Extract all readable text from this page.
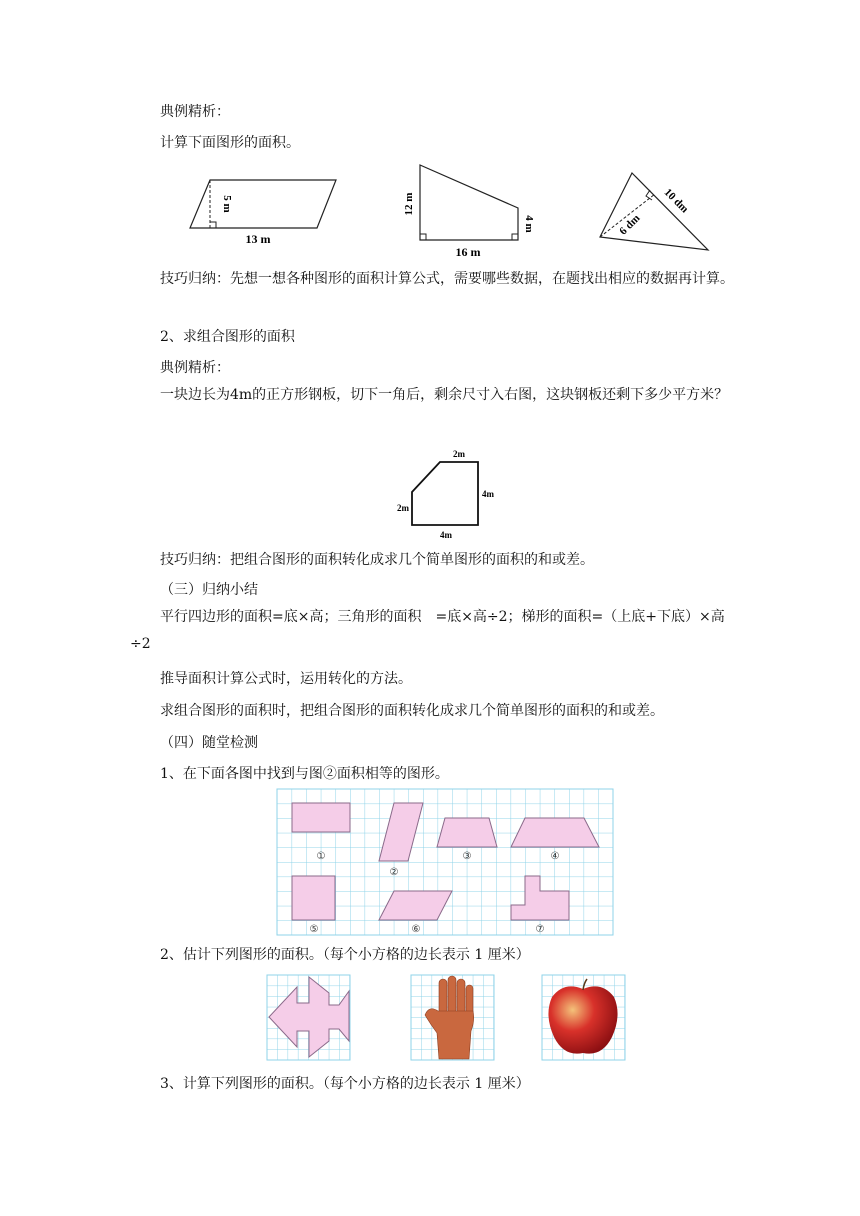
典例精析：
计算下面图形的面积。
5 m
13 m
12 m
4 m
16 m
10 dm
6 dm
技巧归纳：先想一想各种图形的面积计算公式，需要哪些数据，在题找出相应的数据再计算。
2、求组合图形的面积
典例精析：
一块边长为4m的正方形钢板，切下一角后，剩余尺寸入右图，这块钢板还剩下多少平方米？
2m
2m
4m
4m
技巧归纳：把组合图形的面积转化成求几个简单图形的面积的和或差。
（三）归纳小结
平行四边形的面积=底×高；三角形的面积　=底×高÷2；梯形的面积=（上底+下底）×高÷2
推导面积计算公式时，运用转化的方法。
求组合图形的面积时，把组合图形的面积转化成求几个简单图形的面积的和或差。
（四）随堂检测
1、在下面各图中找到与图②面积相等的图形。
①
②
③	④
⑤	⑥	⑦
2、估计下列图形的面积。（每个小方格的边长表示 1 厘米）
3、计算下列图形的面积。（每个小方格的边长表示 1 厘米）
